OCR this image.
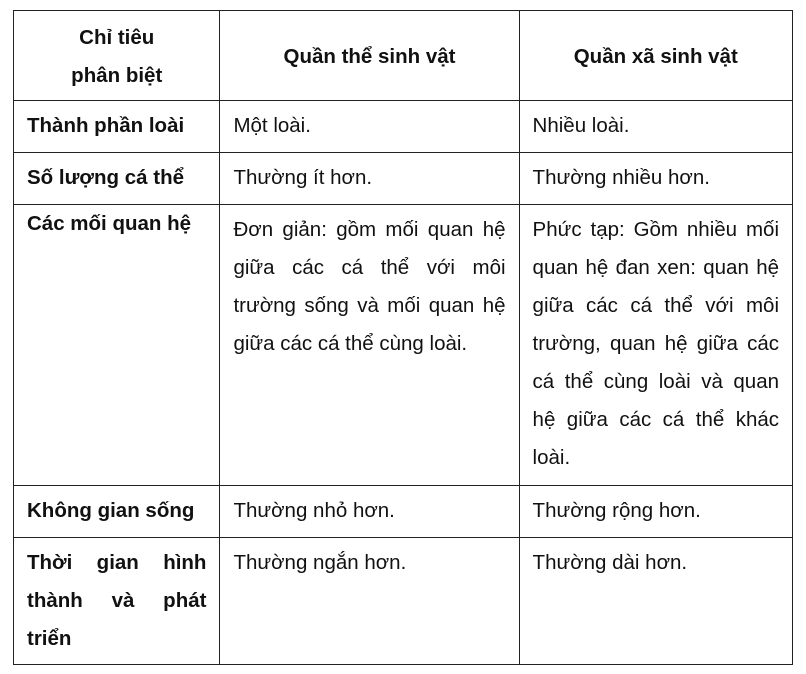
Chỉ tiêu
phân biệt	Quần thể sinh vật	Quần xã sinh vật

Thành phần loài	Một loài.	Nhiều loài.

Số lượng cá thể	Thường ít hơn.	Thường nhiều hơn.

Các mối quan hệ	Đơn giản: gồm mối quan hệ giữa các cá thể với môi trường sống và mối quan hệ giữa các cá thể cùng loài.	Phức tạp: Gồm nhiều mối quan hệ đan xen: quan hệ giữa các cá thể với môi trường, quan hệ giữa các cá thể cùng loài và quan hệ giữa các cá thể khác loài.

Không gian sống	Thường nhỏ hơn.	Thường rộng hơn.

Thời gian hình thành và phát triển	Thường ngắn hơn.	Thường dài hơn.
